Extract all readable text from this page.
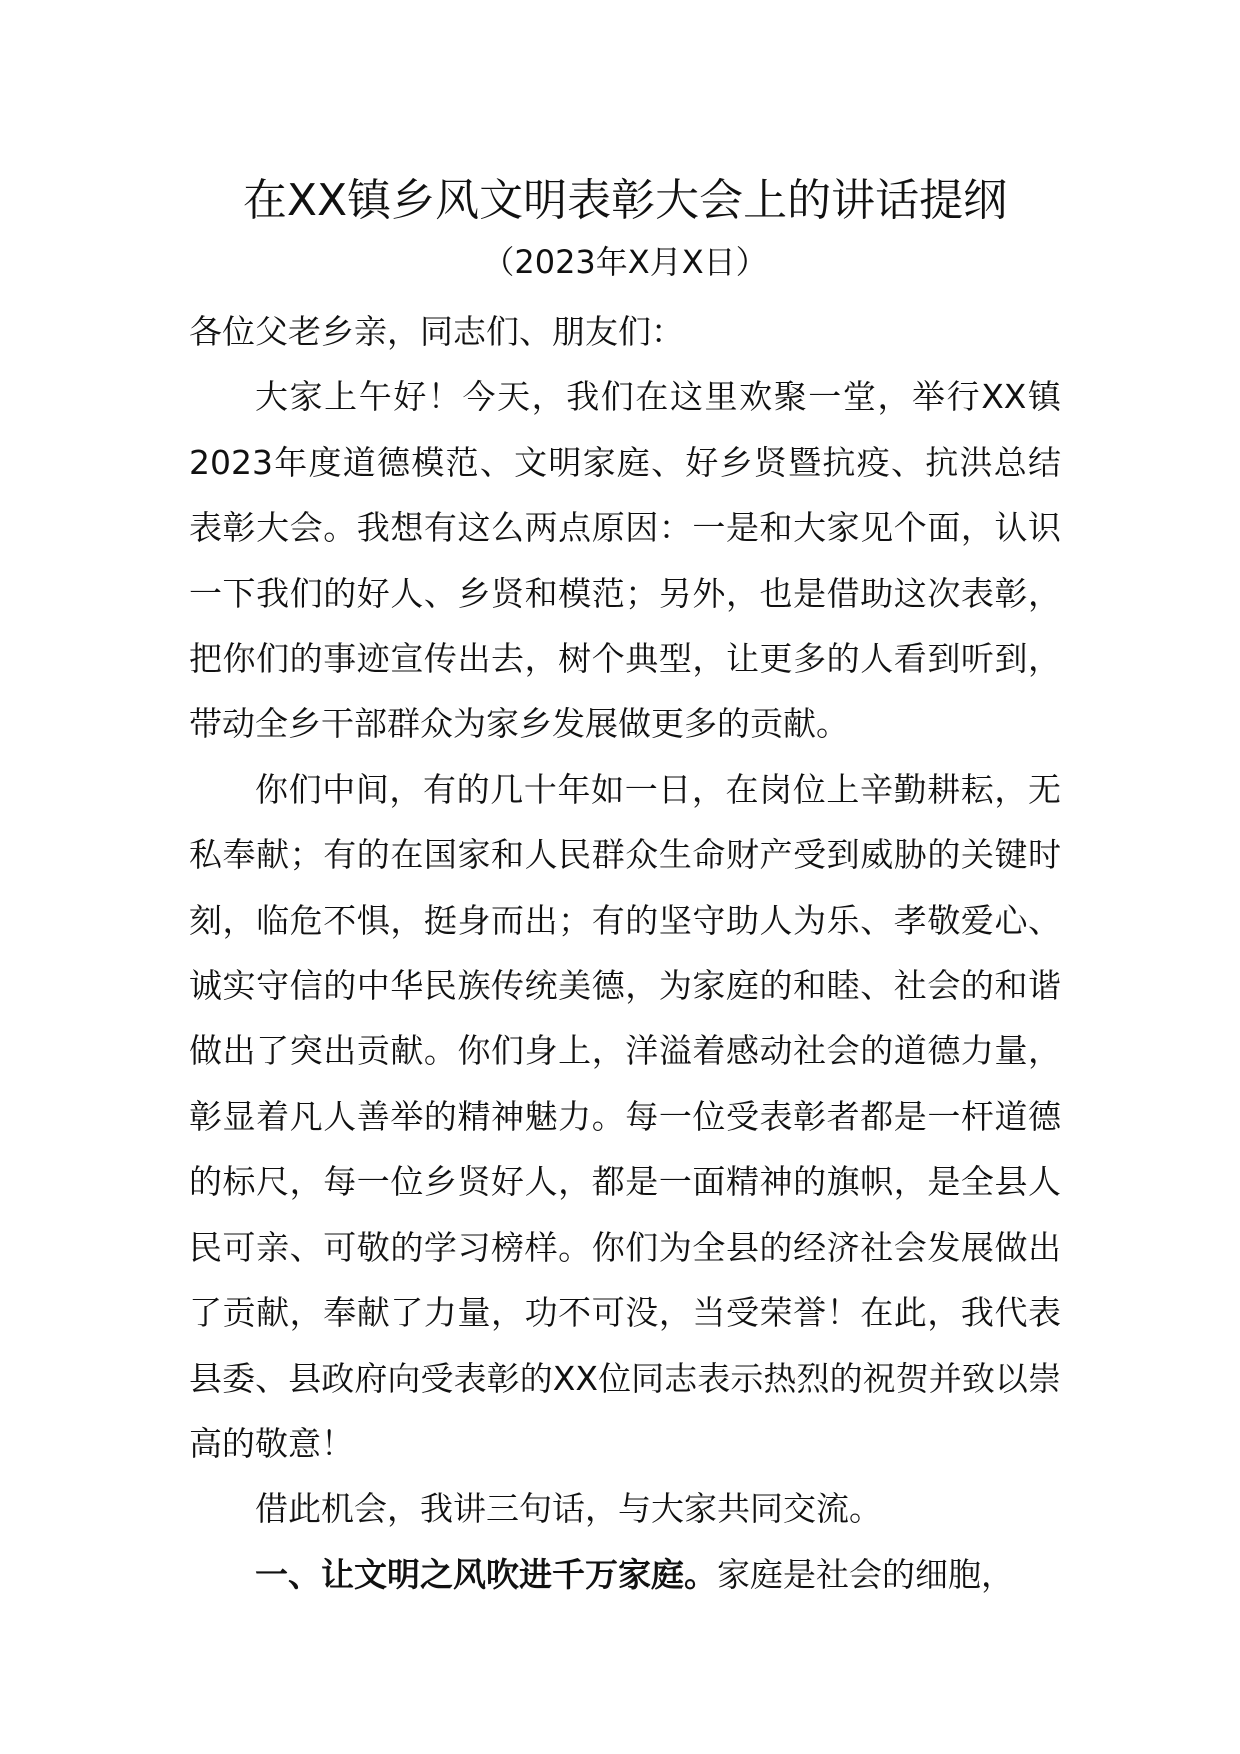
在XX镇乡风文明表彰大会上的讲话提纲
（2023年X月X日）

各位父老乡亲，同志们、朋友们：

大家上午好！今天，我们在这里欢聚一堂，举行XX镇2023年度道德模范、文明家庭、好乡贤暨抗疫、抗洪总结表彰大会。我想有这么两点原因：一是和大家见个面，认识一下我们的好人、乡贤和模范；另外，也是借助这次表彰，把你们的事迹宣传出去，树个典型，让更多的人看到听到，带动全乡干部群众为家乡发展做更多的贡献。

你们中间，有的几十年如一日，在岗位上辛勤耕耘，无私奉献；有的在国家和人民群众生命财产受到威胁的关键时刻，临危不惧，挺身而出；有的坚守助人为乐、孝敬爱心、诚实守信的中华民族传统美德，为家庭的和睦、社会的和谐做出了突出贡献。你们身上，洋溢着感动社会的道德力量，彰显着凡人善举的精神魅力。每一位受表彰者都是一杆道德的标尺，每一位乡贤好人，都是一面精神的旗帜，是全县人民可亲、可敬的学习榜样。你们为全县的经济社会发展做出了贡献，奉献了力量，功不可没，当受荣誉！在此，我代表县委、县政府向受表彰的XX位同志表示热烈的祝贺并致以崇高的敬意！

借此机会，我讲三句话，与大家共同交流。

一、让文明之风吹进千万家庭。家庭是社会的细胞，
